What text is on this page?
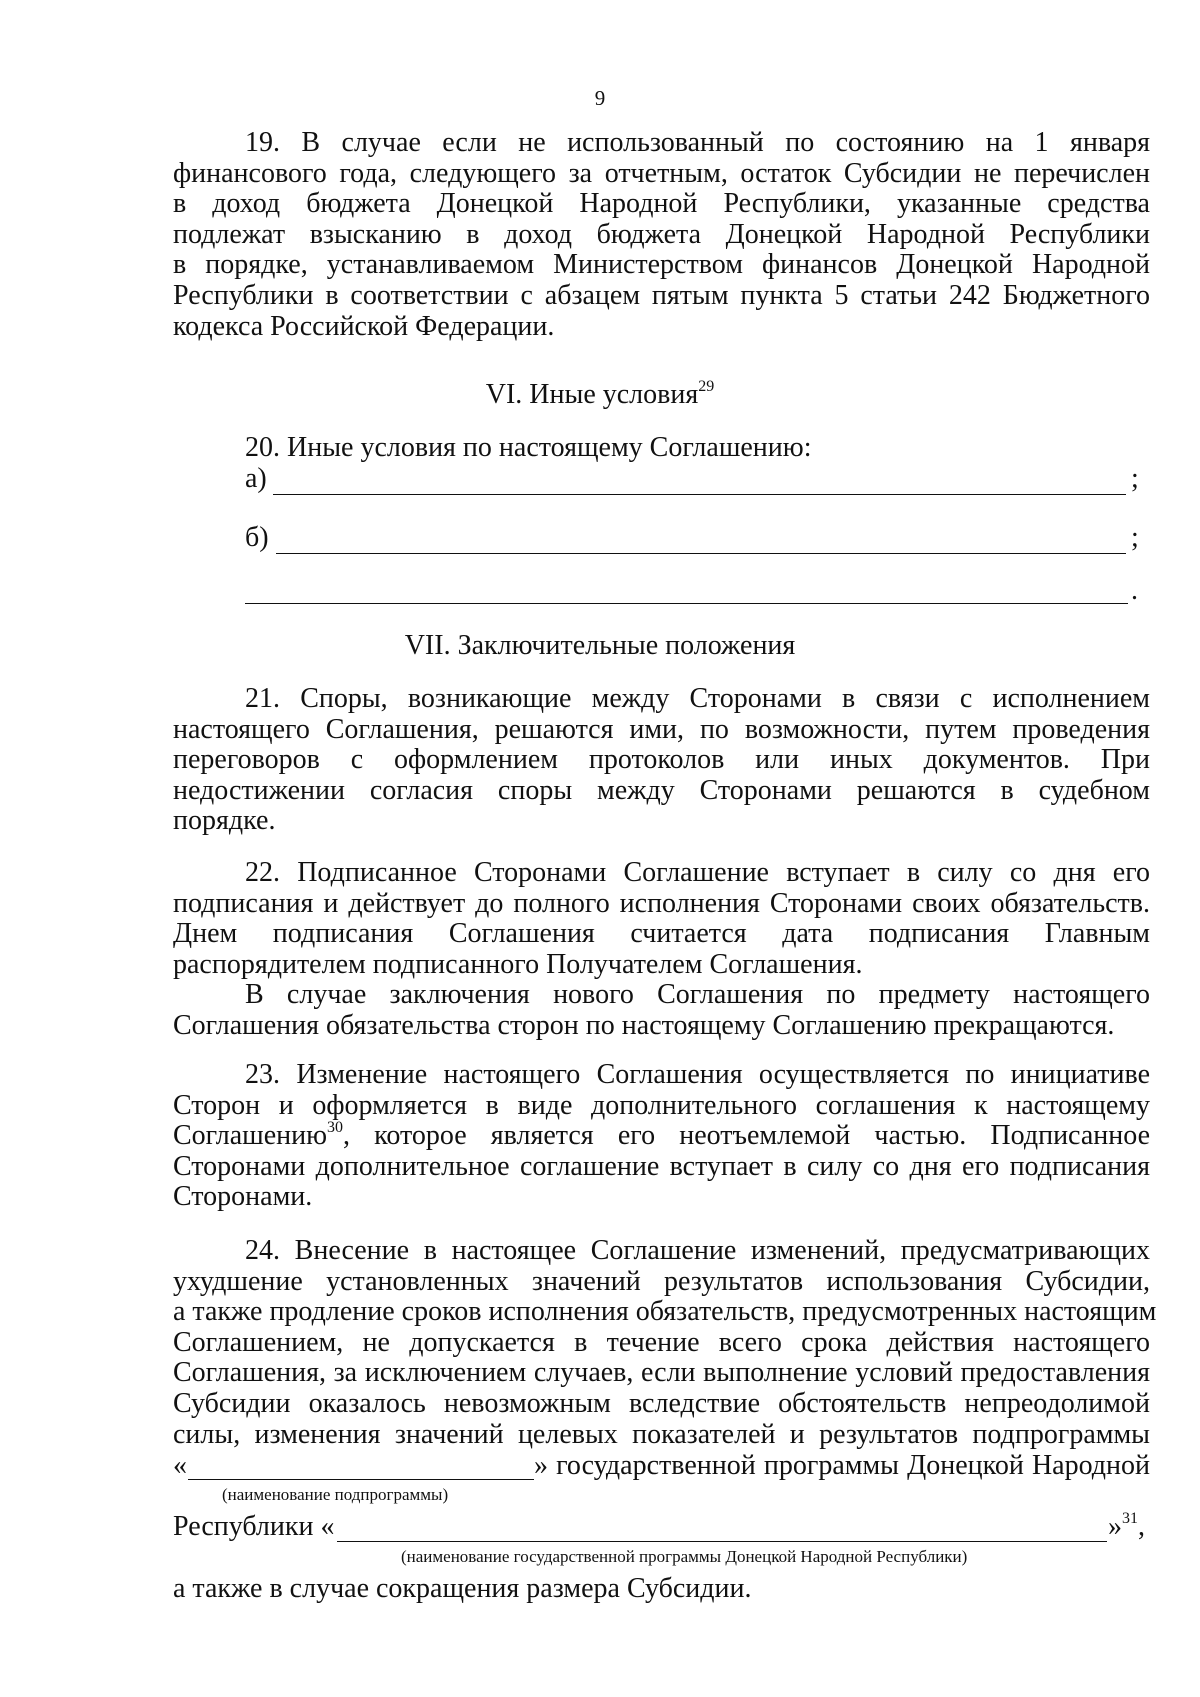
9
19. В случае если не использованный по состоянию на 1 января
финансового года, следующего за отчетным, остаток Субсидии не перечислен
в доход бюджета Донецкой Народной Республики, указанные средства
подлежат взысканию в доход бюджета Донецкой Народной Республики
в порядке, устанавливаемом Министерством финансов Донецкой Народной
Республики в соответствии с абзацем пятым пункта 5 статьи 242 Бюджетного
кодекса Российской Федерации.
VI. Иные условия$^{29}$
20. Иные условия по настоящему Соглашению:
а)	;
б)	;
.
VII. Заключительные положения
21. Споры, возникающие между Сторонами в связи с исполнением
настоящего Соглашения, решаются ими, по возможности, путем проведения
переговоров с оформлением протоколов или иных документов. При
недостижении согласия споры между Сторонами решаются в судебном
порядке.
22. Подписанное Сторонами Соглашение вступает в силу со дня его
подписания и действует до полного исполнения Сторонами своих обязательств.
Днем подписания Соглашения считается дата подписания Главным
распорядителем подписанного Получателем Соглашения.
В случае заключения нового Соглашения по предмету настоящего
Соглашения обязательства сторон по настоящему Соглашению прекращаются.
23. Изменение настоящего Соглашения осуществляется по инициативе
Сторон и оформляется в виде дополнительного соглашения к настоящему
Соглашению$^{30}$, которое является его неотъемлемой частью. Подписанное
Сторонами дополнительное соглашение вступает в силу со дня его подписания
Сторонами.
24. Внесение в настоящее Соглашение изменений, предусматривающих
ухудшение установленных значений результатов использования Субсидии,
а также продление сроков исполнения обязательств, предусмотренных настоящим
Соглашением, не допускается в течение всего срока действия настоящего
Соглашения, за исключением случаев, если выполнение условий предоставления
Субсидии оказалось невозможным вследствие обстоятельств непреодолимой
силы, изменения значений целевых показателей и результатов подпрограммы
«	» государственной программы Донецкой Народной
(наименование подпрограммы)
Республики «	»$^{31}$,
(наименование государственной программы Донецкой Народной Республики)
а также в случае сокращения размера Субсидии.
